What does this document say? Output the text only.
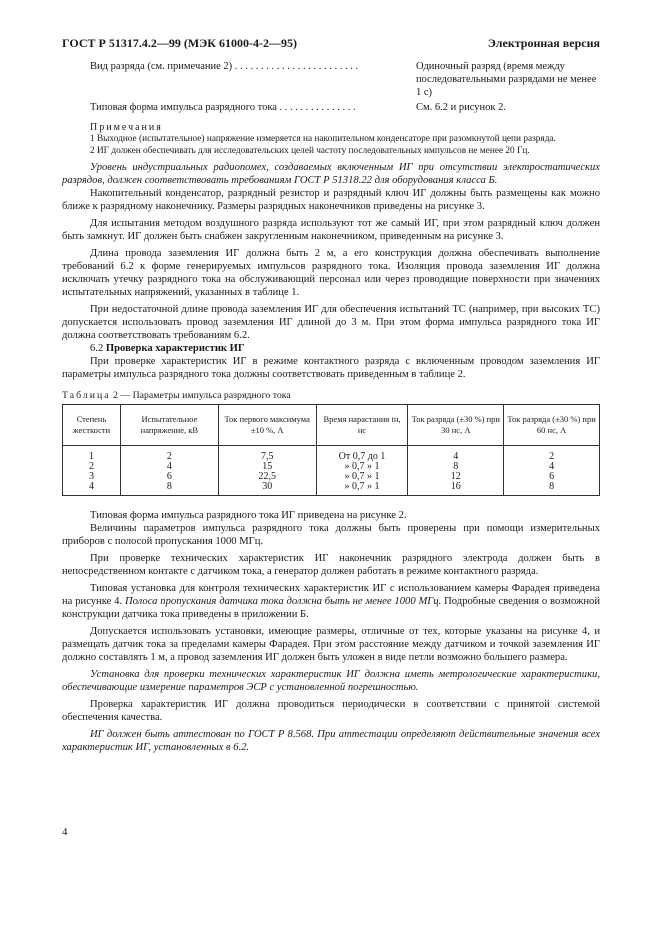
ГОСТ Р 51317.4.2—99 (МЭК 61000-4-2—95)	Электронная версия
Вид разряда (см. примечание 2) . . . . . . . . . . . . . . . . . . . . . . . .	Одиночный разряд (время между последовательными разрядами не менее 1 с)
Типовая форма импульса разрядного тока . . . . . . . . . . . . . . .	См. 6.2 и рисунок 2.
Примечания
1 Выходное (испытательное) напряжение измеряется на накопительном конденсаторе при разомкнутой цепи разряда.
2 ИГ должен обеспечивать для исследовательских целей частоту последовательных импульсов не менее 20 Гц.

Уровень индустриальных радиопомех, создаваемых включенным ИГ при отсутствии электростатических разрядов, должен соответствовать требованиям ГОСТ Р 51318.22 для оборудования класса Б.

Накопительный конденсатор, разрядный резистор и разрядный ключ ИГ должны быть размещены как можно ближе к разрядному наконечнику. Размеры разрядных наконечников приведены на рисунке 3.

Для испытания методом воздушного разряда используют тот же самый ИГ, при этом разрядный ключ должен быть замкнут. ИГ должен быть снабжен закругленным наконечником, приведенным на рисунке 3.

Длина провода заземления ИГ должна быть 2 м, а его конструкция должна обеспечивать выполнение требований 6.2 к форме генерируемых импульсов разрядного тока. Изоляция провода заземления ИГ должна исключать утечку разрядного тока на обслуживающий персонал или через проводящие поверхности при значениях испытательных напряжений, указанных в таблице 1.

При недостаточной длине провода заземления ИГ для обеспечения испытаний ТС (например, при высоких ТС) допускается использовать провод заземления ИГ длиной до 3 м. При этом форма импульса разрядного тока ИГ должна соответствовать требованиям 6.2.

6.2 Проверка характеристик ИГ

При проверке характеристик ИГ в режиме контактного разряда с включенным проводом заземления ИГ параметры импульса разрядного тока должны соответствовать приведенным в таблице 2.

Таблица 2 — Параметры импульса разрядного тока
Степень жесткости	Испытательное напряжение, кВ	Ток первого максимума ±10 %, А	Время нарастания tн, нс	Ток разряда (±30 %) при 30 нс, А	Ток разряда (±30 %) при 60 нс, А
1	2	7,5	От 0,7 до 1	4	2
2	4	15	» 0,7 » 1	8	4
3	6	22,5	» 0,7 » 1	12	6
4	8	30	» 0,7 » 1	16	8

Типовая форма импульса разрядного тока ИГ приведена на рисунке 2.

Величины параметров импульса разрядного тока должны быть проверены при помощи измерительных приборов с полосой пропускания 1000 МГц.

При проверке технических характеристик ИГ наконечник разрядного электрода должен быть в непосредственном контакте с датчиком тока, а генератор должен работать в режиме контактного разряда.

Типовая установка для контроля технических характеристик ИГ с использованием камеры Фарадея приведена на рисунке 4. Полоса пропускания датчика тока должна быть не менее 1000 МГц. Подробные сведения о возможной конструкции датчика тока приведены в приложении Б.

Допускается использовать установки, имеющие размеры, отличные от тех, которые указаны на рисунке 4, и размещать датчик тока за пределами камеры Фарадея. При этом расстояние между датчиком и точкой заземления ИГ должно составлять 1 м, а провод заземления ИГ должен быть уложен в виде петли возможно большего размера.

Установка для проверки технических характеристик ИГ должна иметь метрологические характеристики, обеспечивающие измерение параметров ЭСР с установленной погрешностью.

Проверка характеристик ИГ должна проводиться периодически в соответствии с принятой системой обеспечения качества.

ИГ должен быть аттестован по ГОСТ Р 8.568. При аттестации определяют действительные значения всех характеристик ИГ, установленных в 6.2.

4
